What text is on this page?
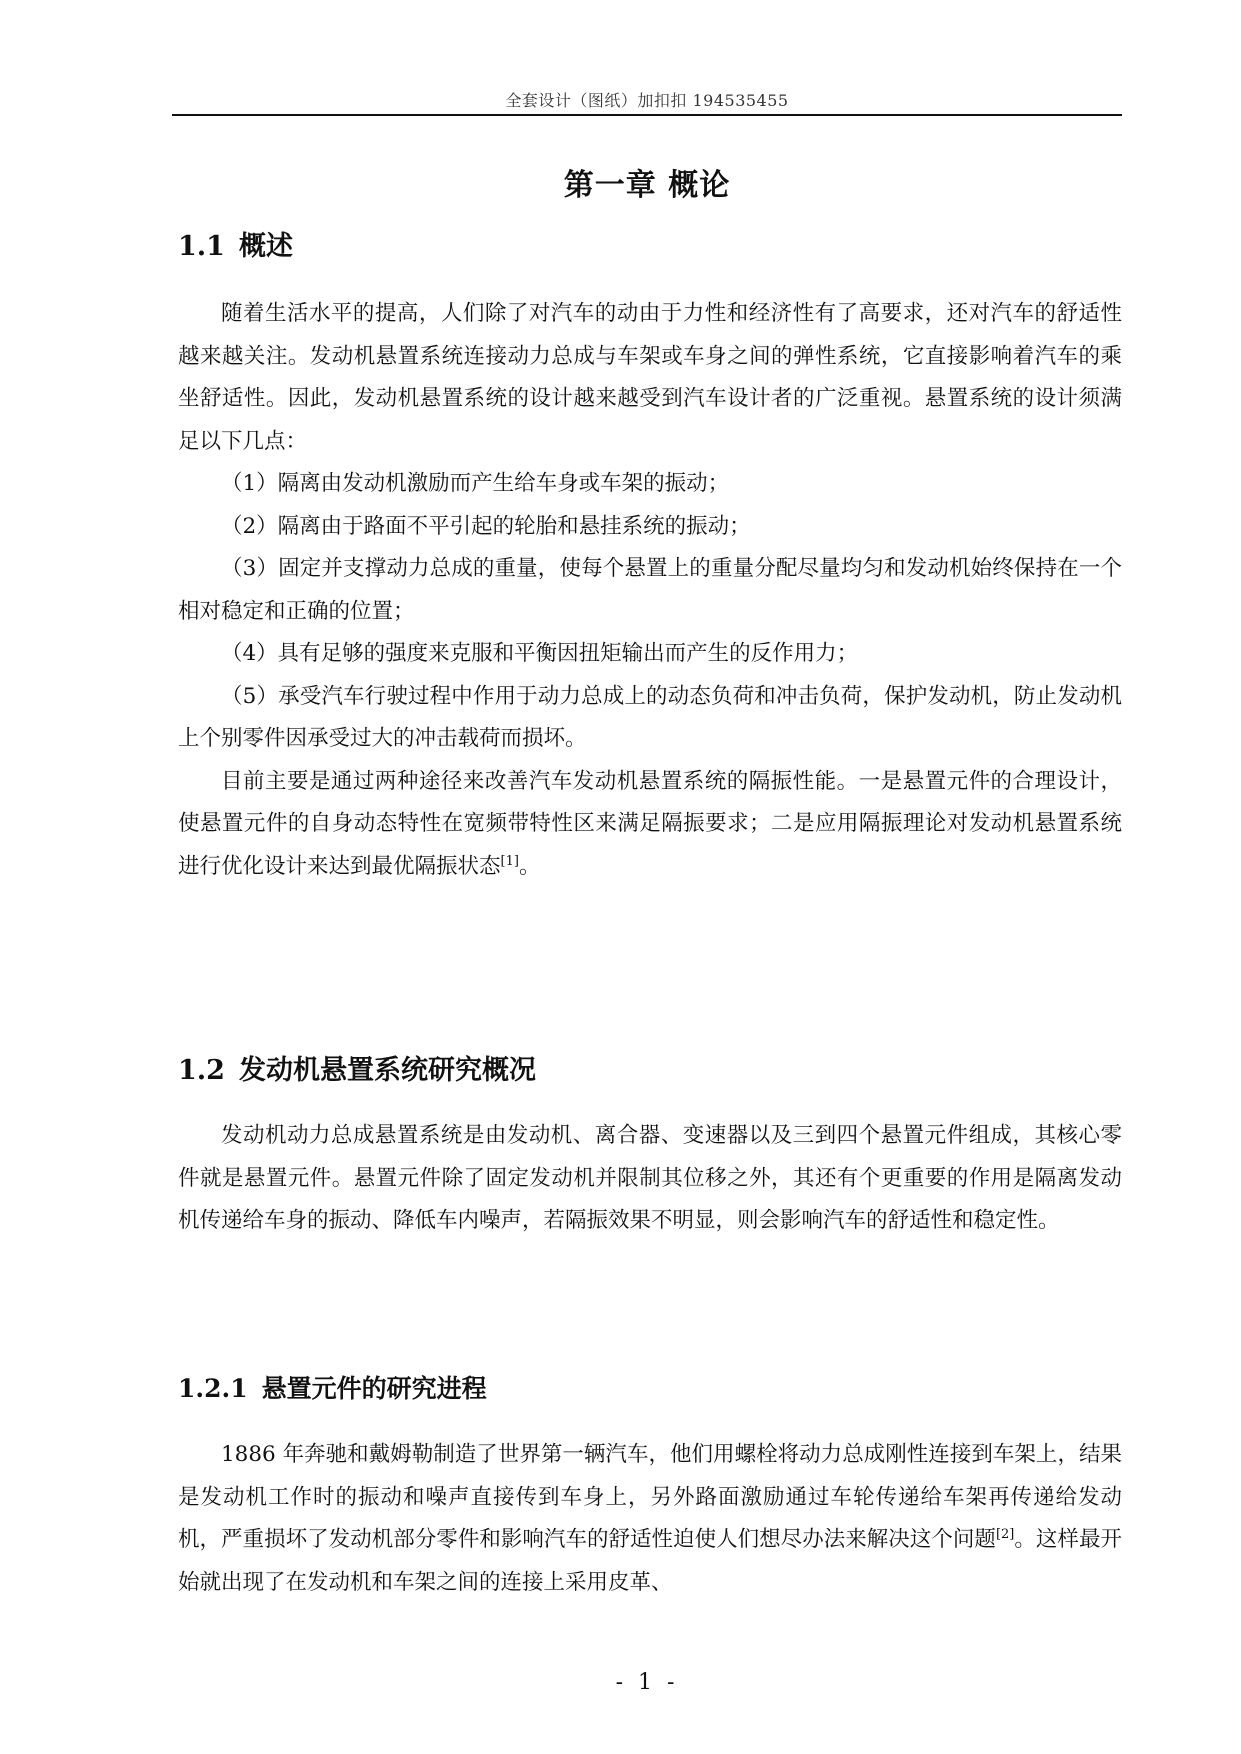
全套设计（图纸）加扣扣 194535455
第一章 概论
1.1 概述

随着生活水平的提高，人们除了对汽车的动由于力性和经济性有了高要求，还对汽车的舒适性越来越关注。发动机悬置系统连接动力总成与车架或车身之间的弹性系统，它直接影响着汽车的乘坐舒适性。因此，发动机悬置系统的设计越来越受到汽车设计者的广泛重视。悬置系统的设计须满足以下几点：

（1）隔离由发动机激励而产生给车身或车架的振动；

（2）隔离由于路面不平引起的轮胎和悬挂系统的振动；

（3）固定并支撑动力总成的重量，使每个悬置上的重量分配尽量均匀和发动机始终保持在一个相对稳定和正确的位置；

（4）具有足够的强度来克服和平衡因扭矩输出而产生的反作用力；

（5）承受汽车行驶过程中作用于动力总成上的动态负荷和冲击负荷，保护发动机，防止发动机上个别零件因承受过大的冲击载荷而损坏。

目前主要是通过两种途径来改善汽车发动机悬置系统的隔振性能。一是悬置元件的合理设计，使悬置元件的自身动态特性在宽频带特性区来满足隔振要求；二是应用隔振理论对发动机悬置系统进行优化设计来达到最优隔振状态[1]。

1.2 发动机悬置系统研究概况

发动机动力总成悬置系统是由发动机、离合器、变速器以及三到四个悬置元件组成，其核心零件就是悬置元件。悬置元件除了固定发动机并限制其位移之外，其还有个更重要的作用是隔离发动机传递给车身的振动、降低车内噪声，若隔振效果不明显，则会影响汽车的舒适性和稳定性。

1.2.1 悬置元件的研究进程

1886 年奔驰和戴姆勒制造了世界第一辆汽车，他们用螺栓将动力总成刚性连接到车架上，结果是发动机工作时的振动和噪声直接传到车身上，另外路面激励通过车轮传递给车架再传递给发动机，严重损坏了发动机部分零件和影响汽车的舒适性迫使人们想尽办法来解决这个问题[2]。这样最开始就出现了在发动机和车架之间的连接上采用皮革、

- 1 -
